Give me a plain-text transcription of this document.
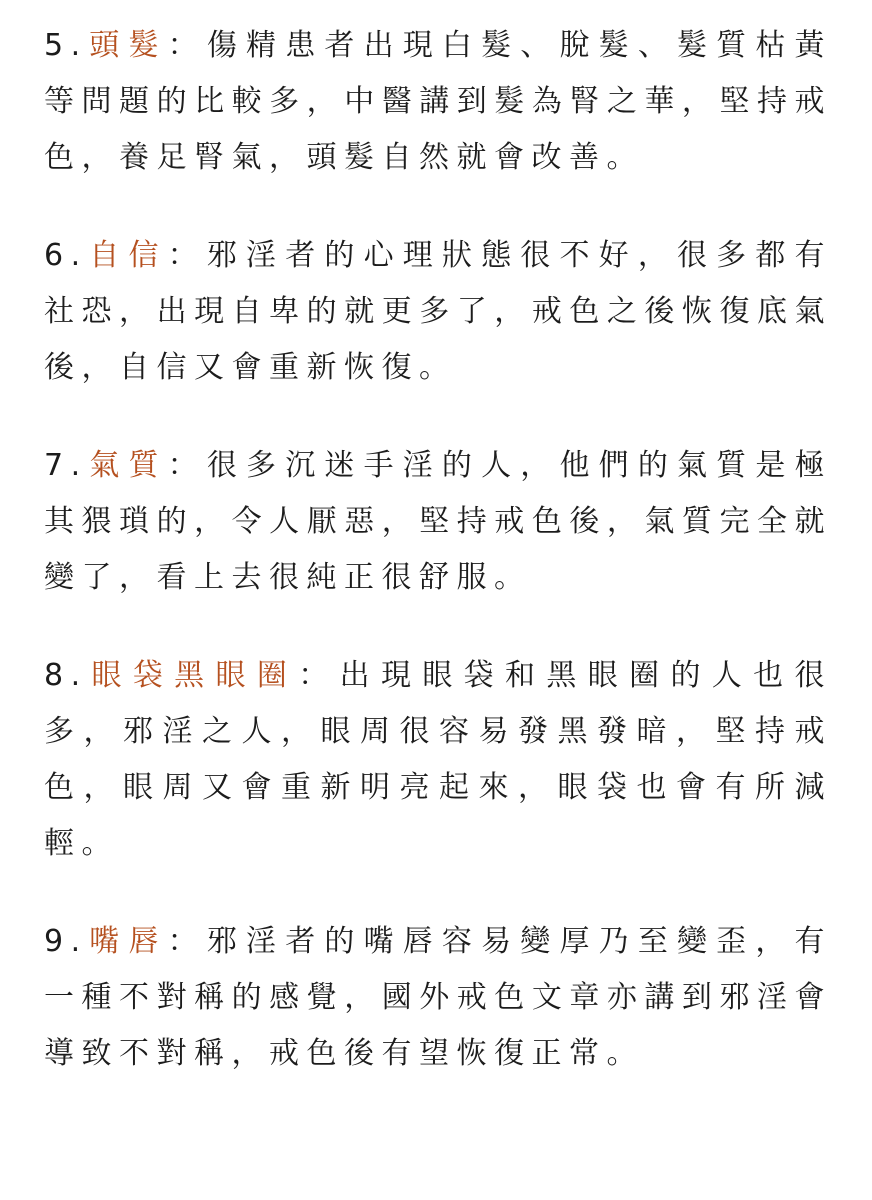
5.頭髮：傷精患者出現白髮、脫髮、髮質枯黃等問題的比較多，中醫講到髮為腎之華，堅持戒色，養足腎氣，頭髮自然就會改善。

6.自信：邪淫者的心理狀態很不好，很多都有社恐，出現自卑的就更多了，戒色之後恢復底氣後，自信又會重新恢復。

7.氣質：很多沉迷手淫的人，他們的氣質是極其猥瑣的，令人厭惡，堅持戒色後，氣質完全就變了，看上去很純正很舒服。

8.眼袋黑眼圈：出現眼袋和黑眼圈的人也很多，邪淫之人，眼周很容易發黑發暗，堅持戒色，眼周又會重新明亮起來，眼袋也會有所減輕。

9.嘴唇：邪淫者的嘴唇容易變厚乃至變歪，有一種不對稱的感覺，國外戒色文章亦講到邪淫會導致不對稱，戒色後有望恢復正常。
